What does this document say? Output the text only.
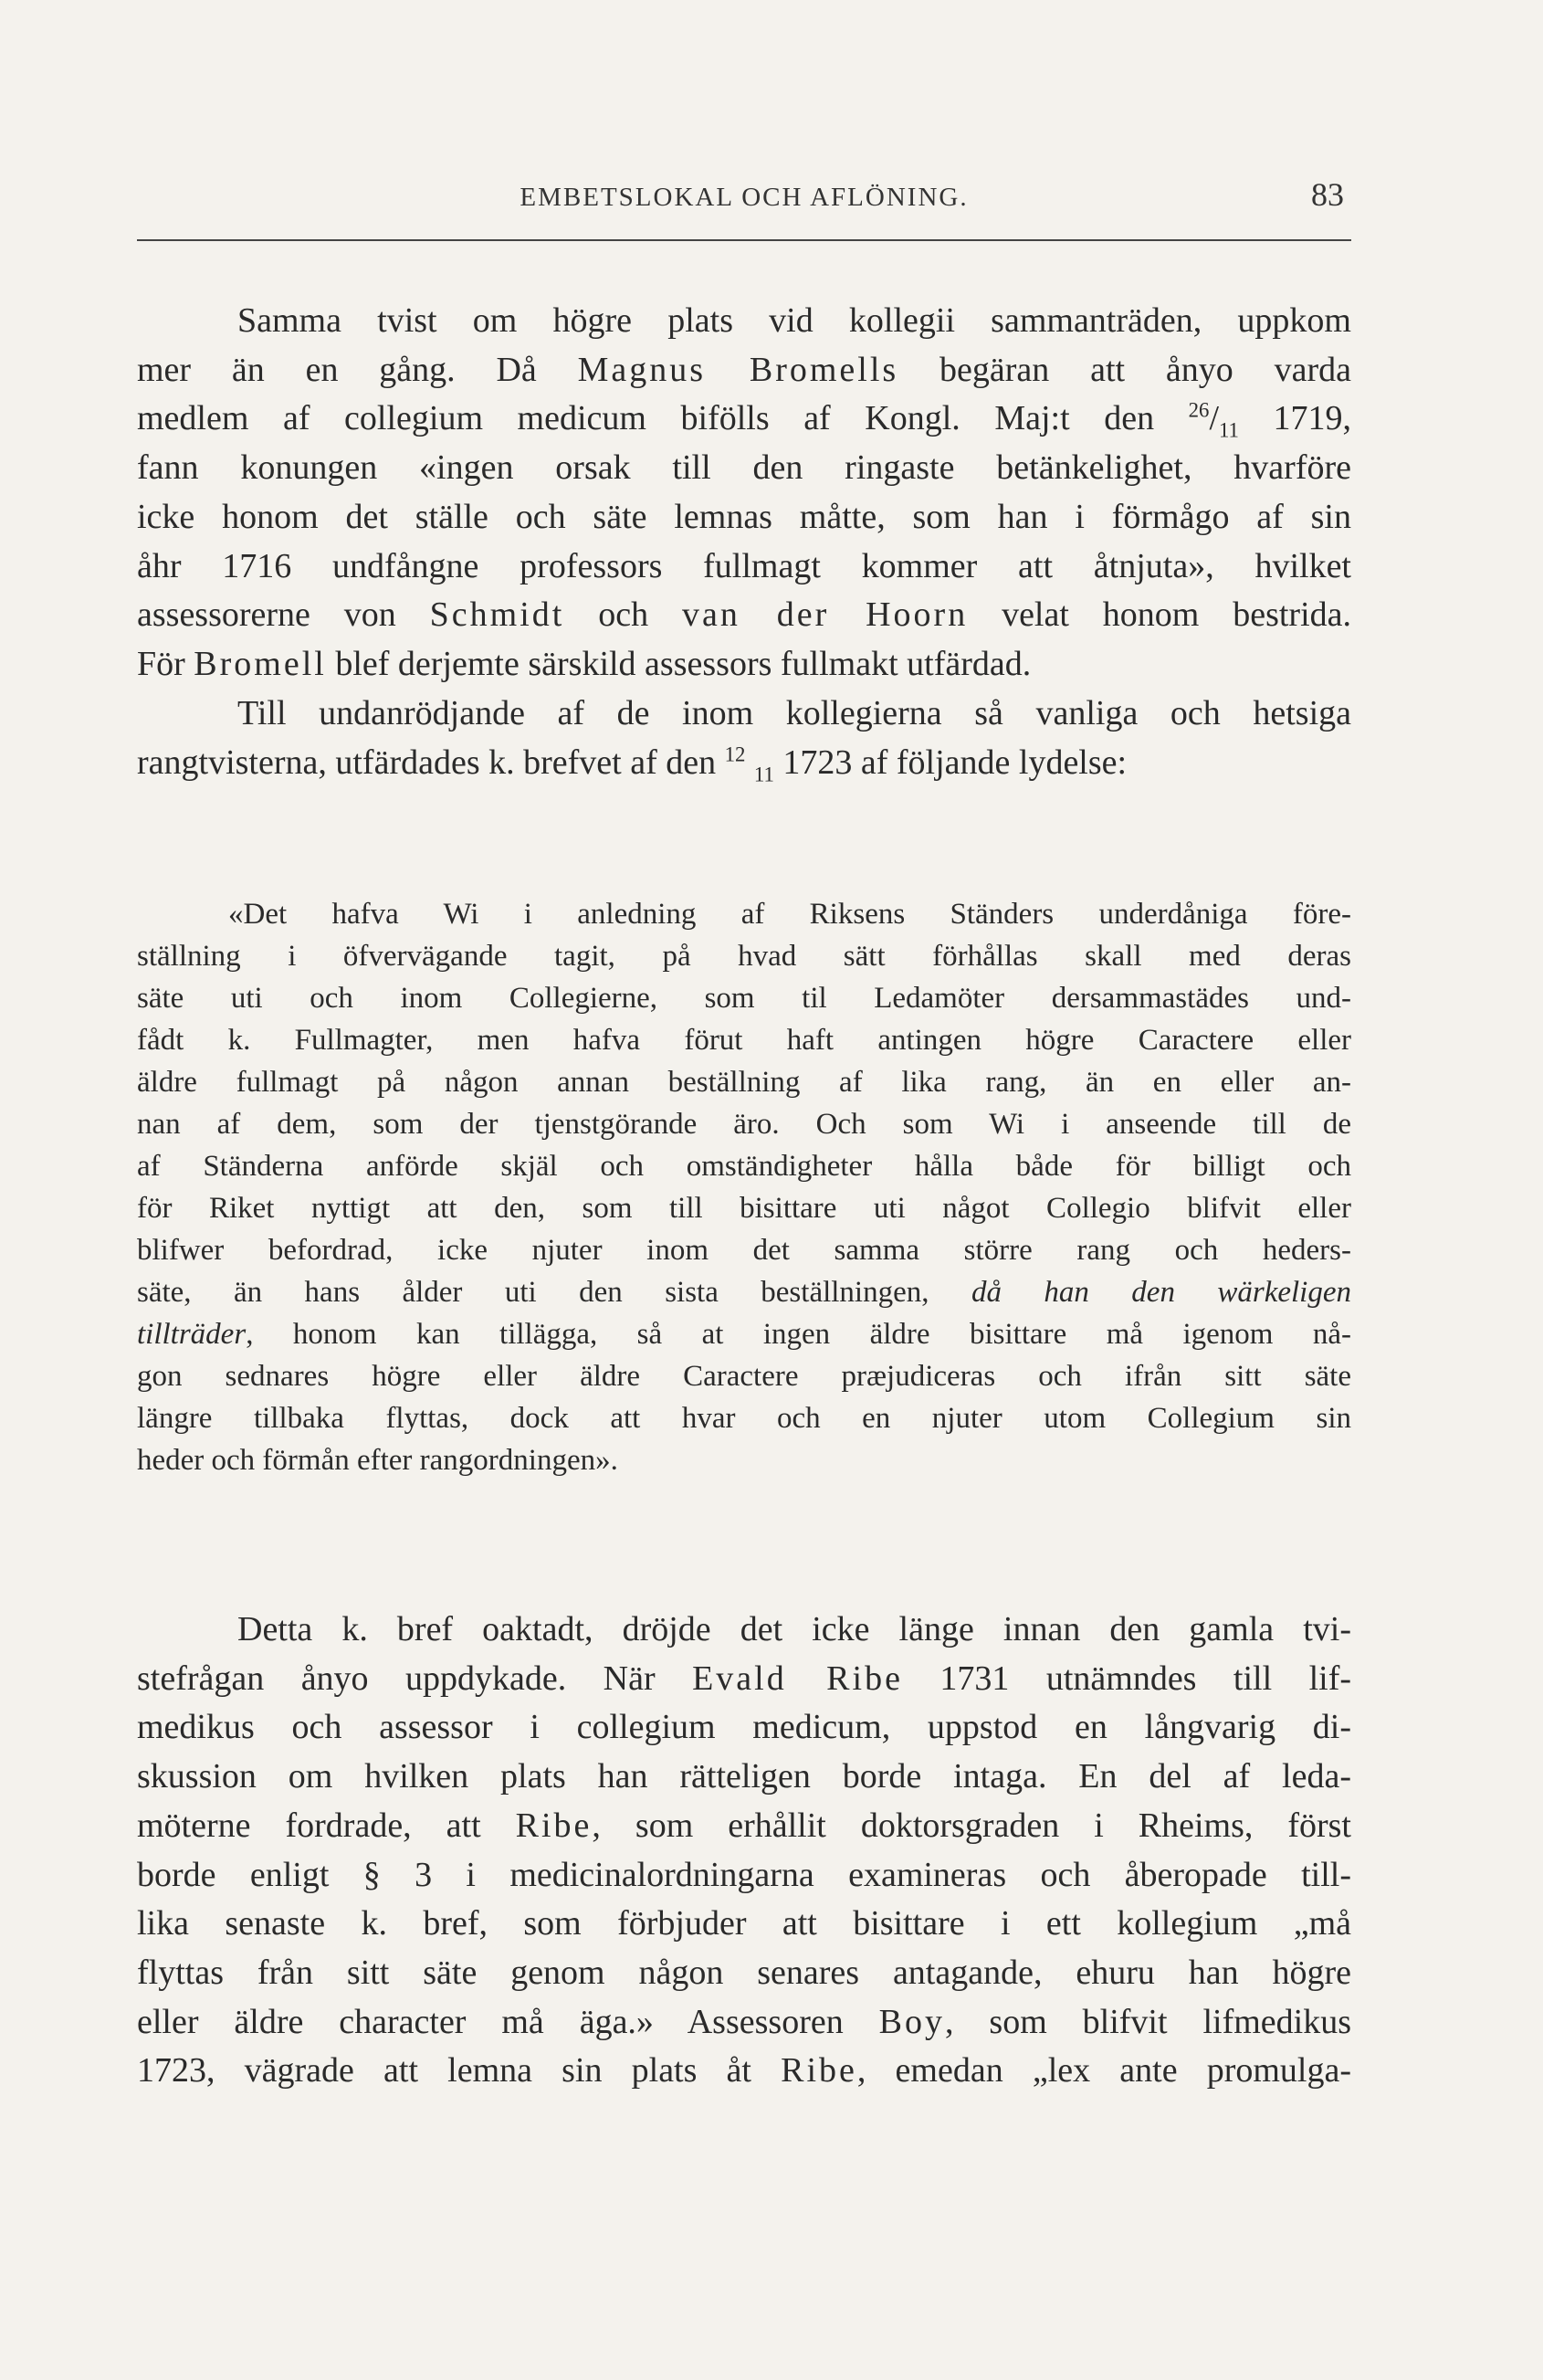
EMBETSLOKAL OCH AFLÖNING.	83
Samma tvist om högre plats vid kollegii sammanträden, uppkom
mer än en gång. Då Magnus Bromells begäran att ånyo varda
medlem af collegium medicum bifölls af Kongl. Maj:t den $^{26}/_{11}$ 1719,
fann konungen «ingen orsak till den ringaste betänkelighet, hvarföre
icke honom det ställe och säte lemnas måtte, som han i förmågo af sin
åhr 1716 undfångne professors fullmagt kommer att åtnjuta», hvilket
assessorerne von Schmidt och van der Hoorn velat honom bestrida.
För Bromell blef derjemte särskild assessors fullmakt utfärdad.
Till undanrödjande af de inom kollegierna så vanliga och hetsiga
rangtvisterna, utfärdades k. brefvet af den $^{12}$ $_{11}$ 1723 af följande lydelse:
«Det hafva Wi i anledning af Riksens Ständers underdåniga före-
ställning i öfvervägande tagit, på hvad sätt förhållas skall med deras
säte uti och inom Collegierne, som til Ledamöter dersammastädes und-
fådt k. Fullmagter, men hafva förut haft antingen högre Caractere eller
äldre fullmagt på någon annan beställning af lika rang, än en eller an-
nan af dem, som der tjenstgörande äro. Och som Wi i anseende till de
af Ständerna anförde skjäl och omständigheter hålla både för billigt och
för Riket nyttigt att den, som till bisittare uti något Collegio blifvit eller
blifwer befordrad, icke njuter inom det samma större rang och heders-
säte, än hans ålder uti den sista beställningen, då han den wärkeligen
tillträder, honom kan tillägga, så at ingen äldre bisittare må igenom nå-
gon sednares högre eller äldre Caractere præjudiceras och ifrån sitt säte
längre tillbaka flyttas, dock att hvar och en njuter utom Collegium sin
heder och förmån efter rangordningen».
Detta k. bref oaktadt, dröjde det icke länge innan den gamla tvi-
stefrågan ånyo uppdykade. När Evald Ribe 1731 utnämndes till lif-
medikus och assessor i collegium medicum, uppstod en långvarig di-
skussion om hvilken plats han rätteligen borde intaga. En del af leda-
möterne fordrade, att Ribe, som erhållit doktorsgraden i Rheims, först
borde enligt § 3 i medicinalordningarna examineras och åberopade till-
lika senaste k. bref, som förbjuder att bisittare i ett kollegium „må
flyttas från sitt säte genom någon senares antagande, ehuru han högre
eller äldre character må äga.» Assessoren Boy, som blifvit lifmedikus
1723, vägrade att lemna sin plats åt Ribe, emedan „lex ante promulga-
